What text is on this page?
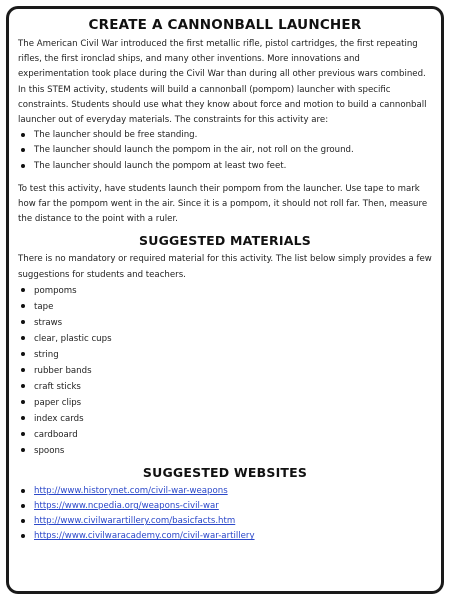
CREATE A CANNONBALL LAUNCHER

The American Civil War introduced the first metallic rifle, pistol cartridges, the first repeating rifles, the first ironclad ships, and many other inventions. More innovations and experimentation took place during the Civil War than during all other previous wars combined. In this STEM activity, students will build a cannonball (pompom) launcher with specific constraints. Students should use what they know about force and motion to build a cannonball launcher out of everyday materials. The constraints for this activity are:

The launcher should be free standing.
The launcher should launch the pompom in the air, not roll on the ground.
The launcher should launch the pompom at least two feet.

To test this activity, have students launch their pompom from the launcher. Use tape to mark how far the pompom went in the air. Since it is a pompom, it should not roll far. Then, measure the distance to the point with a ruler.

SUGGESTED MATERIALS

There is no mandatory or required material for this activity. The list below simply provides a few suggestions for students and teachers.

pompoms
tape
straws
clear, plastic cups
string
rubber bands
craft sticks
paper clips
index cards
cardboard
spoons
SUGGESTED WEBSITES
http://www.historynet.com/civil-war-weapons
https://www.ncpedia.org/weapons-civil-war
http://www.civilwarartillery.com/basicfacts.htm
https://www.civilwaracademy.com/civil-war-artillery
